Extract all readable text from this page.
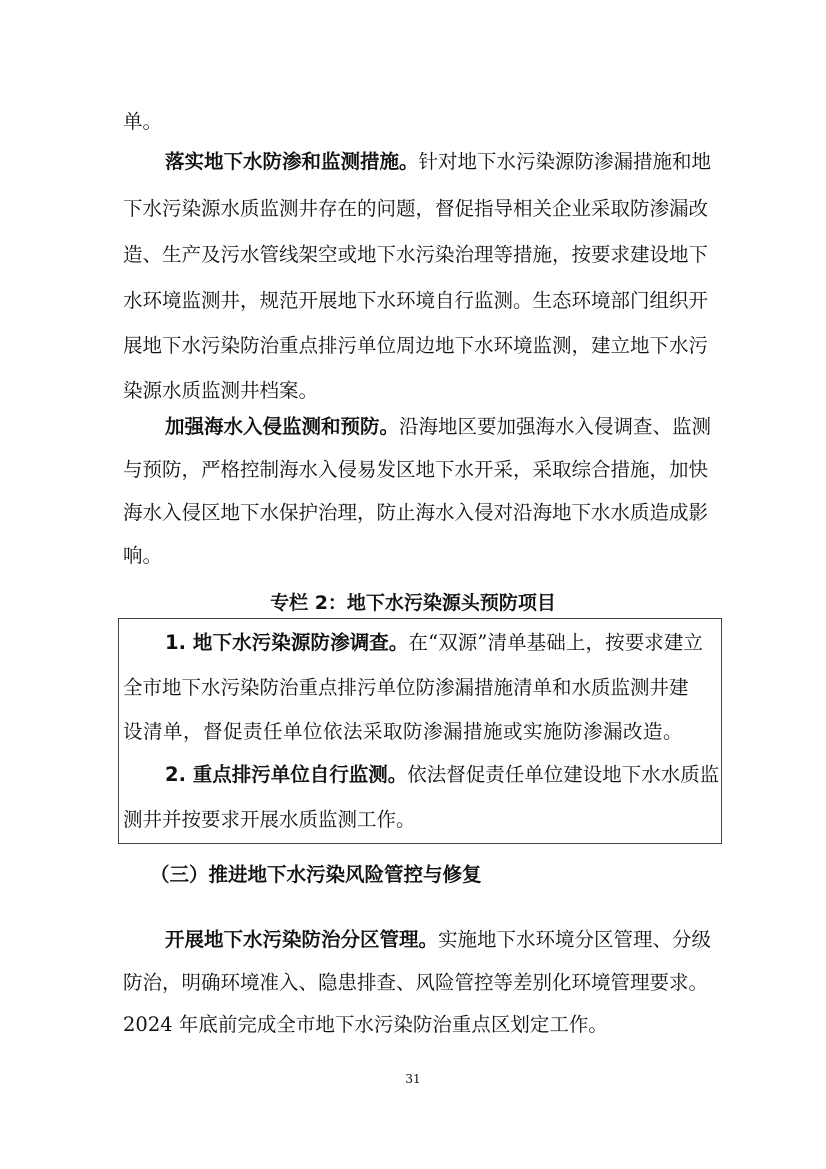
单。
落实地下水防渗和监测措施。针对地下水污染源防渗漏措施和地
下水污染源水质监测井存在的问题，督促指导相关企业采取防渗漏改
造、生产及污水管线架空或地下水污染治理等措施，按要求建设地下
水环境监测井，规范开展地下水环境自行监测。生态环境部门组织开
展地下水污染防治重点排污单位周边地下水环境监测，建立地下水污
染源水质监测井档案。
加强海水入侵监测和预防。沿海地区要加强海水入侵调查、监测
与预防，严格控制海水入侵易发区地下水开采，采取综合措施，加快
海水入侵区地下水保护治理，防止海水入侵对沿海地下水水质造成影
响。
专栏 2：地下水污染源头预防项目
1. 地下水污染源防渗调查。在“双源”清单基础上，按要求建立
全市地下水污染防治重点排污单位防渗漏措施清单和水质监测井建
设清单，督促责任单位依法采取防渗漏措施或实施防渗漏改造。
2. 重点排污单位自行监测。依法督促责任单位建设地下水水质监
测井并按要求开展水质监测工作。
（三）推进地下水污染风险管控与修复
开展地下水污染防治分区管理。实施地下水环境分区管理、分级
防治，明确环境准入、隐患排查、风险管控等差别化环境管理要求。
2024 年底前完成全市地下水污染防治重点区划定工作。
31
